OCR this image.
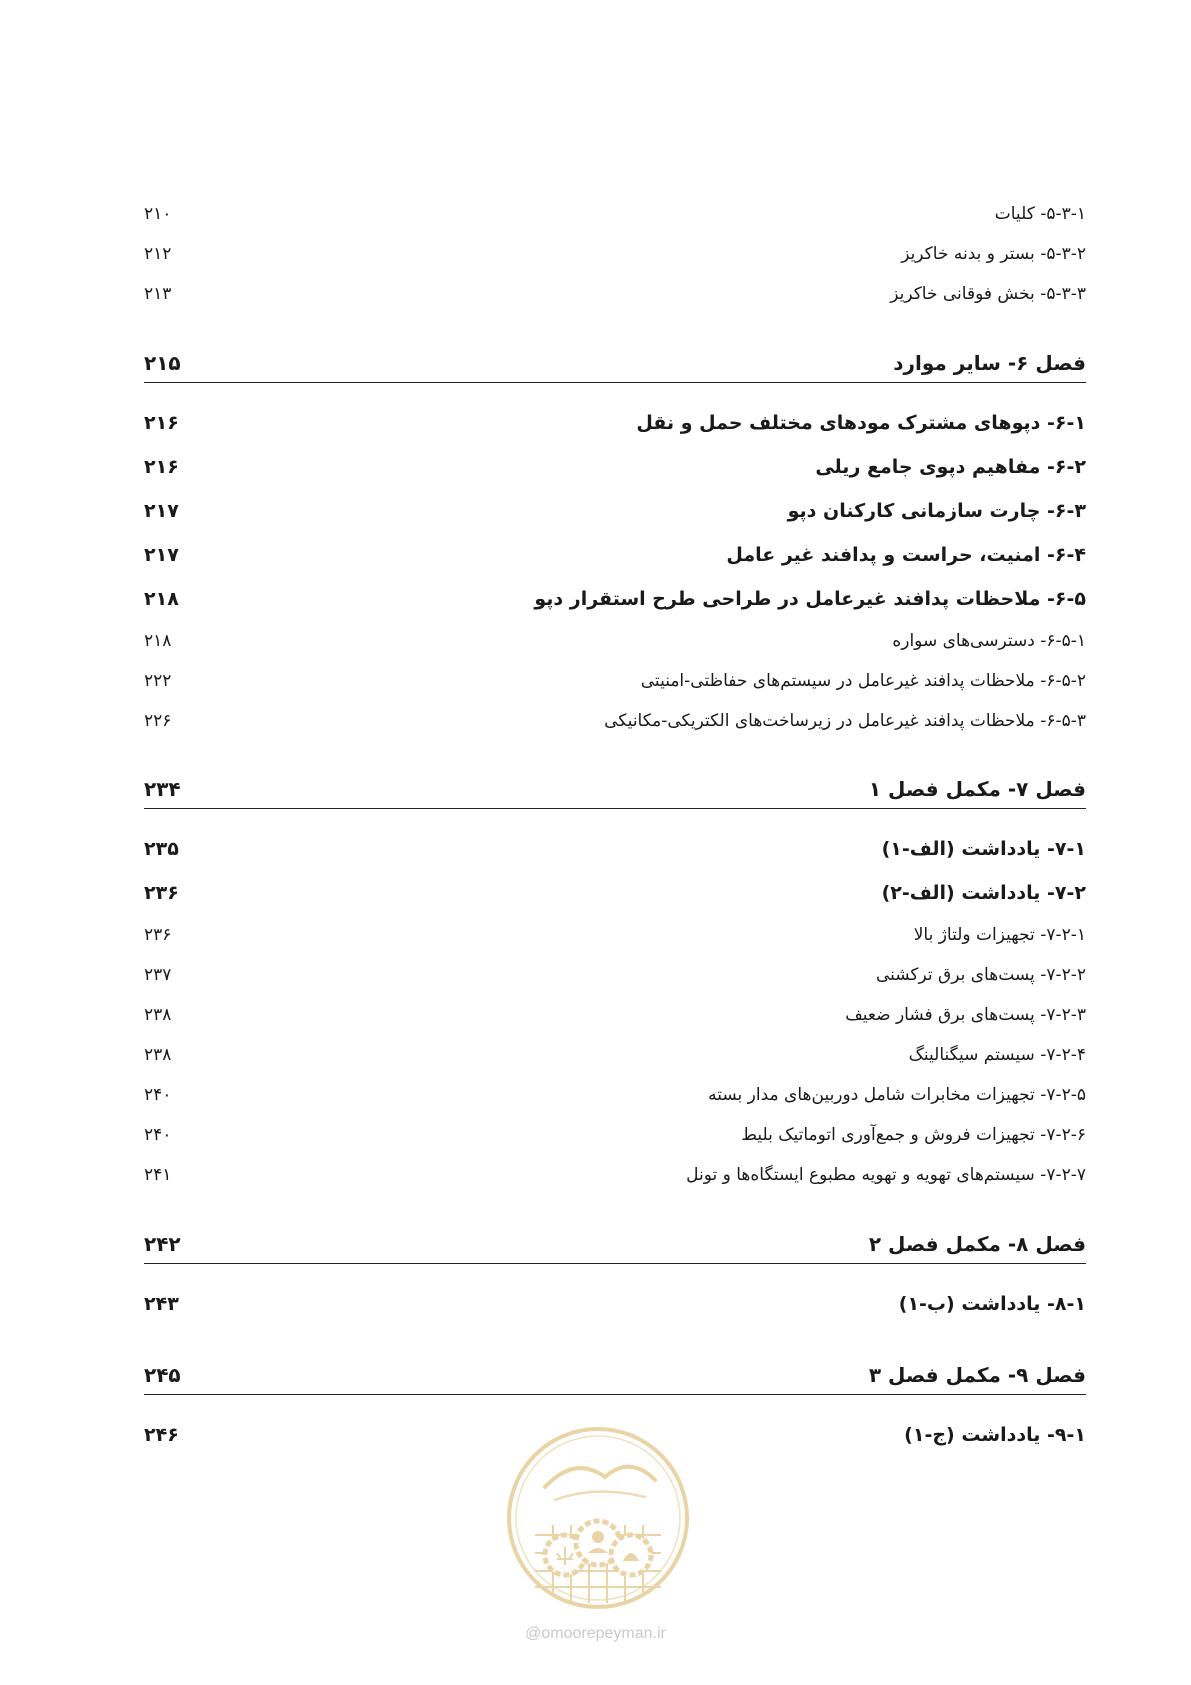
۵-۳-۱- کلیات
۲۱۰
۵-۳-۲- بستر و بدنه خاکریز
۲۱۲
۵-۳-۳- بخش فوقانی خاکریز
۲۱۳
فصل ۶- سایر موارد
۲۱۵
۶-۱- دپوهای مشترک مودهای مختلف حمل و نقل
۲۱۶
۶-۲- مفاهیم دپوی جامع ریلی
۲۱۶
۶-۳- چارت سازمانی کارکنان دپو
۲۱۷
۶-۴- امنیت، حراست و پدافند غیر عامل
۲۱۷
۶-۵- ملاحظات پدافند غیرعامل در طراحی طرح استقرار دپو
۲۱۸
۶-۵-۱- دسترسی‌های سواره
۲۱۸
۶-۵-۲- ملاحظات پدافند غیرعامل در سیستم‌های حفاظتی-امنیتی
۲۲۲
۶-۵-۳- ملاحظات پدافند غیرعامل در زیرساخت‌های الکتریکی-مکانیکی
۲۲۶
فصل ۷- مکمل فصل ۱
۲۳۴
۷-۱- یادداشت (الف-۱)
۲۳۵
۷-۲- یادداشت (الف-۲)
۲۳۶
۷-۲-۱- تجهیزات ولتاژ بالا
۲۳۶
۷-۲-۲- پست‌های برق ترکشنی
۲۳۷
۷-۲-۳- پست‌های برق فشار ضعیف
۲۳۸
۷-۲-۴- سیستم سیگنالینگ
۲۳۸
۷-۲-۵- تجهیزات مخابرات شامل دوربین‌های مدار بسته
۲۴۰
۷-۲-۶- تجهیزات فروش و جمع‌آوری اتوماتیک بلیط
۲۴۰
۷-۲-۷- سیستم‌های تهویه و تهویه مطبوع ایستگاه‌ها و تونل
۲۴۱
فصل ۸- مکمل فصل ۲
۲۴۲
۸-۱- یادداشت (ب-۱)
۲۴۳
فصل ۹- مکمل فصل ۳
۲۴۵
۹-۱- یادداشت (ج-۱)
۲۴۶
@omoorepeyman.ir
